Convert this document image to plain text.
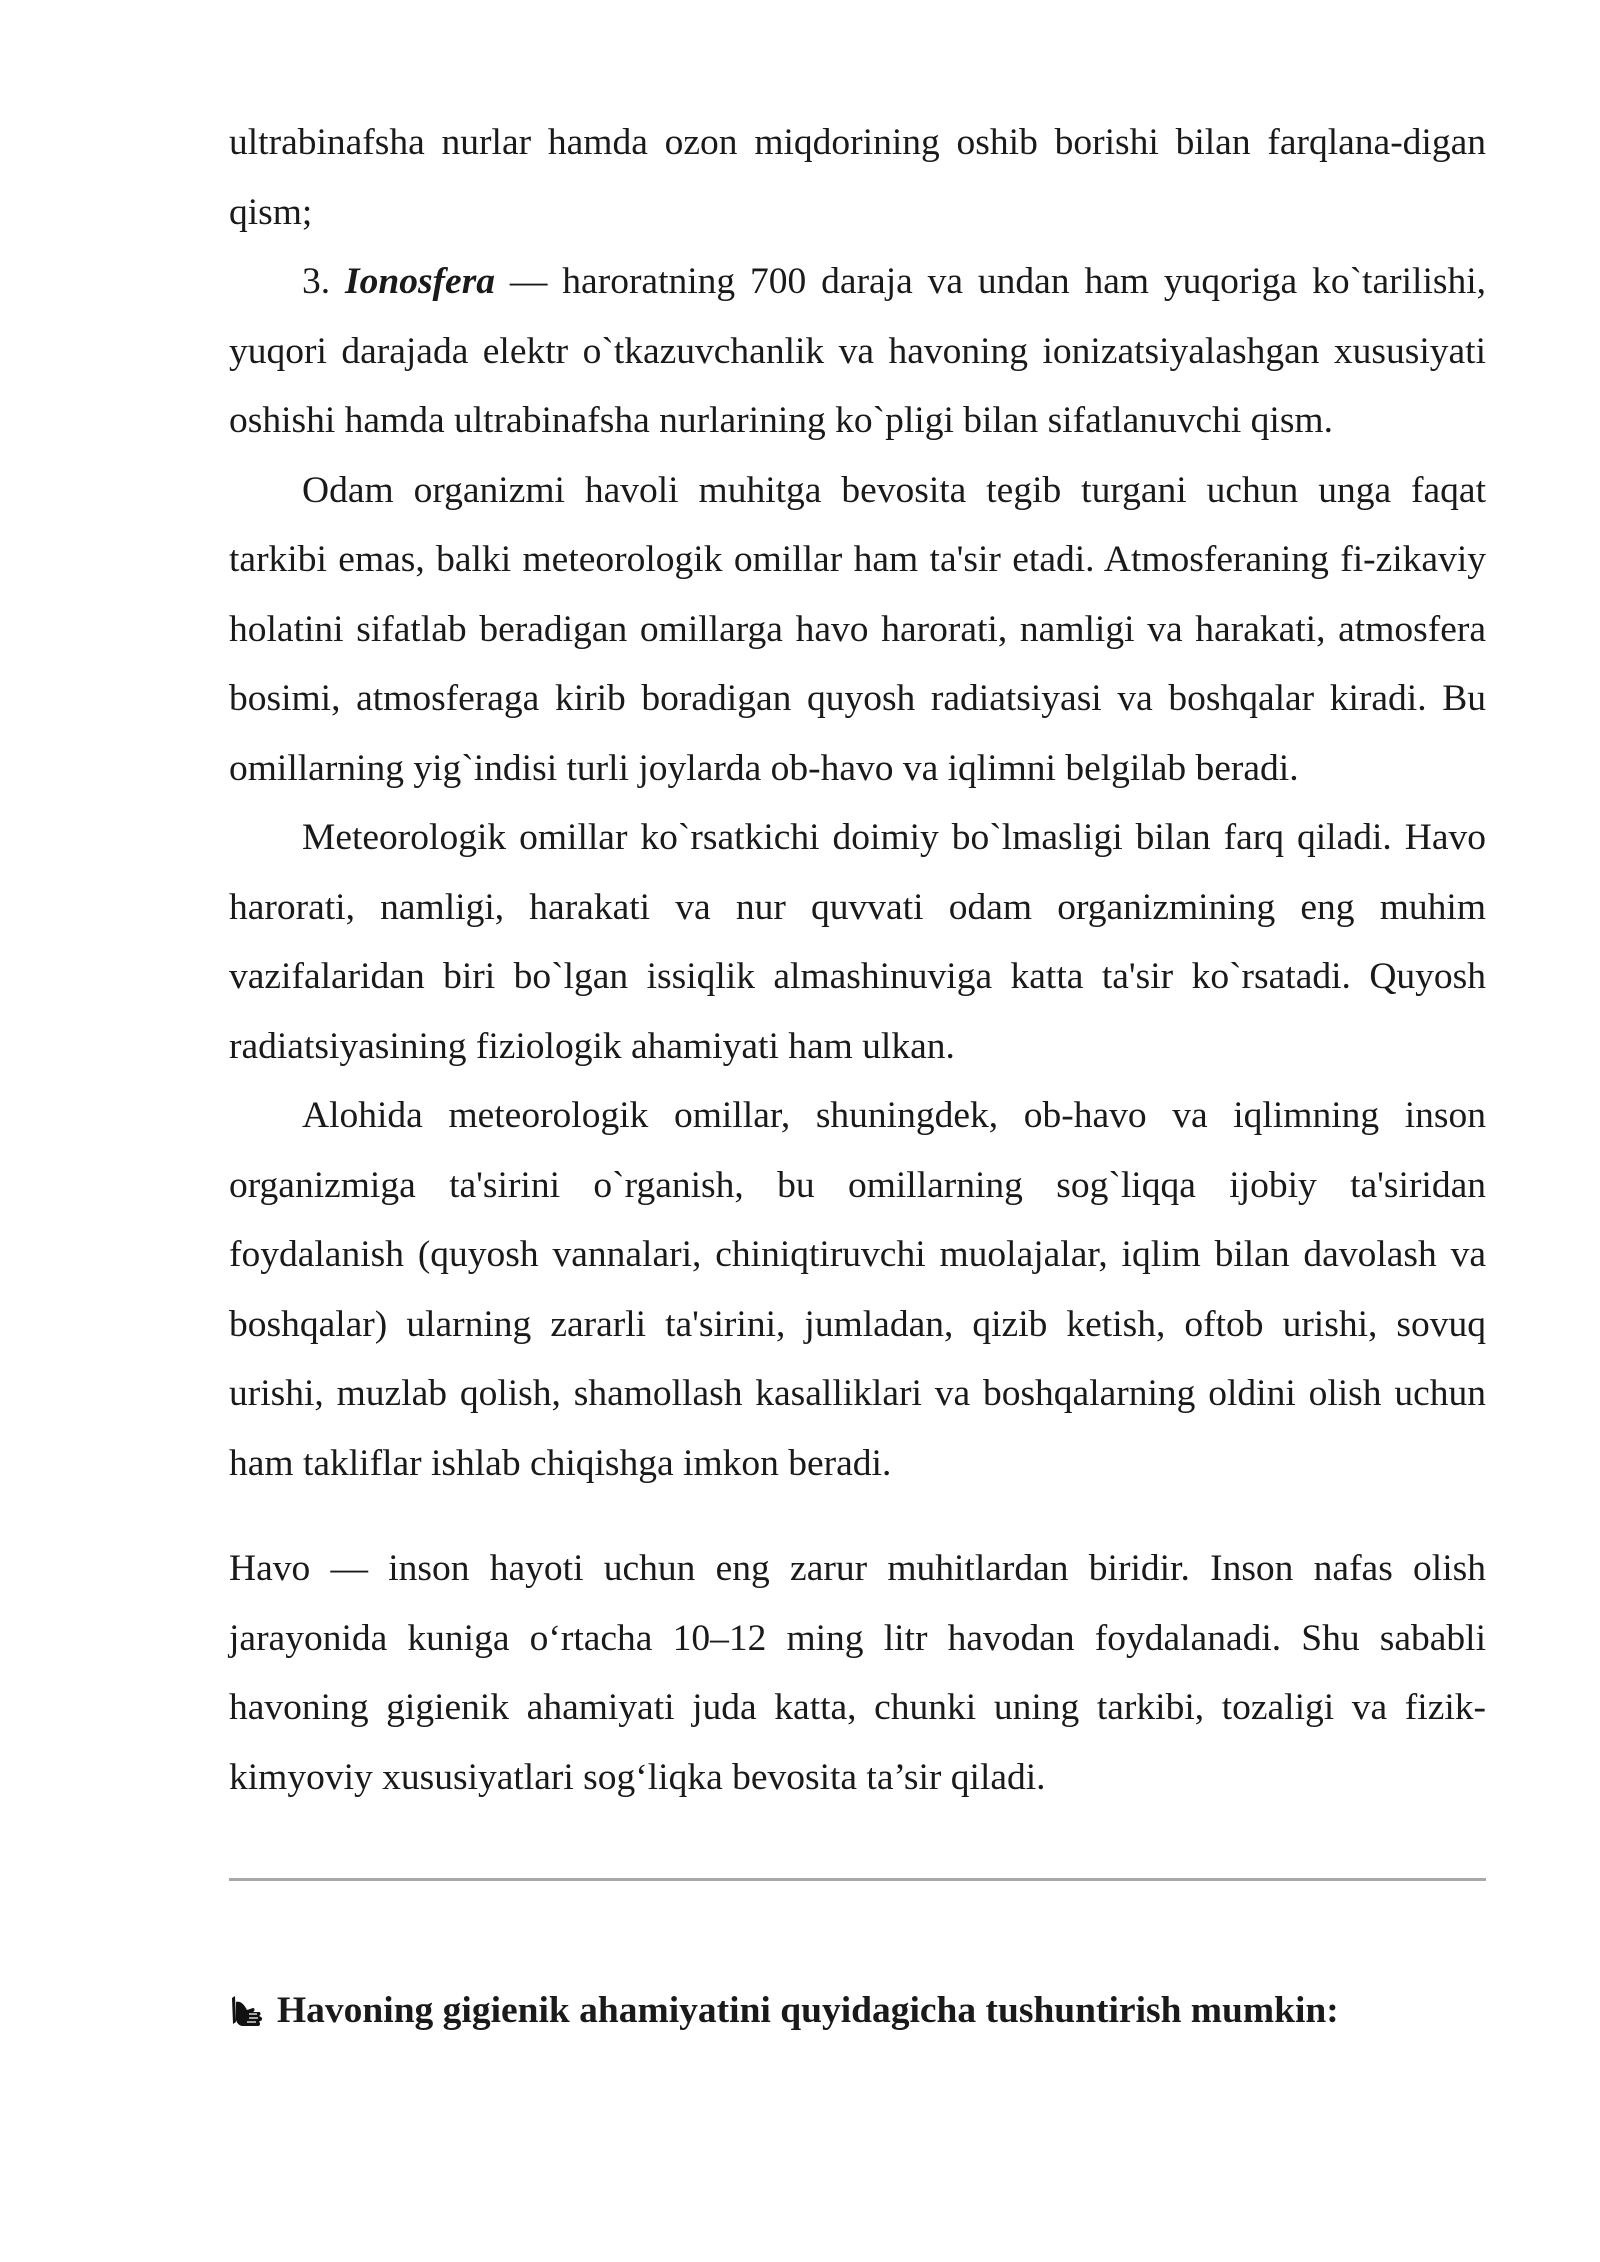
ultrabinafsha nurlar hamda ozon miqdorining oshib borishi bilan farqlana-digan qism;

3. Ionosfera — haroratning 700 daraja va undan ham yuqoriga ko`tarilishi, yuqori darajada elektr o`tkazuvchanlik va havoning ionizatsiyalashgan xususiyati oshishi hamda ultrabinafsha nurlarining ko`pligi bilan sifatlanuvchi qism.

Odam organizmi havoli muhitga bevosita tegib turgani uchun unga faqat tarkibi emas, balki meteorologik omillar ham ta'sir etadi. Atmosferaning fi-zikaviy holatini sifatlab beradigan omillarga havo harorati, namligi va harakati, atmosfera bosimi, atmosferaga kirib boradigan quyosh radiatsiyasi va boshqalar kiradi. Bu omillarning yig`indisi turli joylarda ob-havo va iqlimni belgilab beradi.

Meteorologik omillar ko`rsatkichi doimiy bo`lmasligi bilan farq qiladi. Havo harorati, namligi, harakati va nur quvvati odam organizmining eng muhim vazifalaridan biri bo`lgan issiqlik almashinuviga katta ta'sir ko`rsatadi. Quyosh radiatsiyasining fiziologik ahamiyati ham ulkan.

Alohida meteorologik omillar, shuningdek, ob-havo va iqlimning inson organizmiga ta'sirini o`rganish, bu omillarning sog`liqqa ijobiy ta'siridan foydalanish (quyosh vannalari, chiniqtiruvchi muolajalar, iqlim bilan davolash va boshqalar) ularning zararli ta'sirini, jumladan, qizib ketish, oftob urishi, sovuq urishi, muzlab qolish, shamollash kasalliklari va boshqalarning oldini olish uchun ham takliflar ishlab chiqishga imkon beradi.

Havo — inson hayoti uchun eng zarur muhitlardan biridir. Inson nafas olish jarayonida kuniga o‘rtacha 10–12 ming litr havodan foydalanadi. Shu sababli havoning gigienik ahamiyati juda katta, chunki uning tarkibi, tozaligi va fizik-kimyoviy xususiyatlari sog‘liqka bevosita ta’sir qiladi.

Havoning gigienik ahamiyatini quyidagicha tushuntirish mumkin:
